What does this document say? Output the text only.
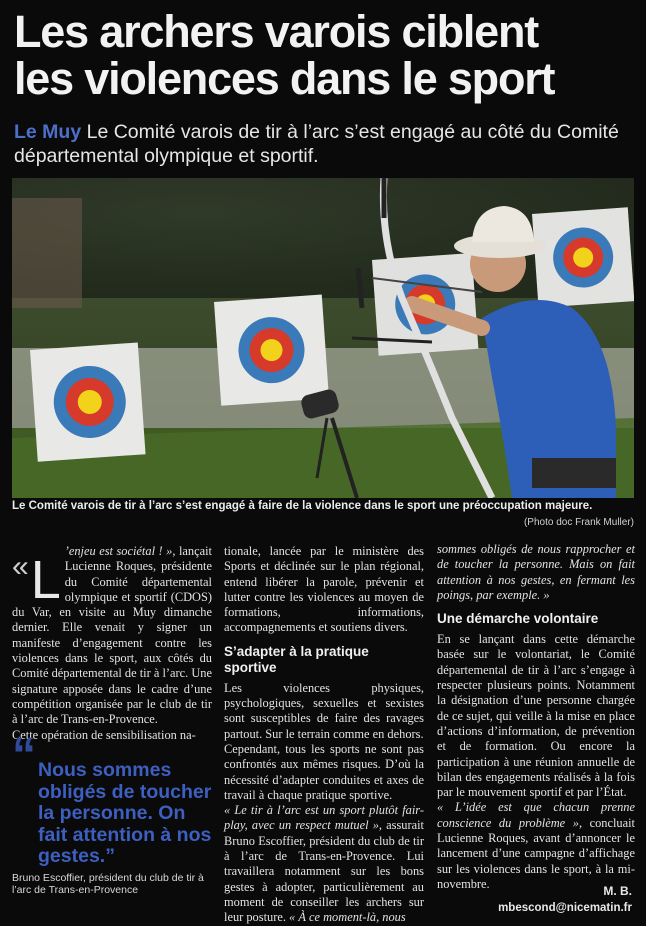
Les archers varois ciblent
les violences dans le sport
Le Muy Le Comité varois de tir à l’arc s’est engagé au côté du Comité départemental olympique et sportif.
Le Comité varois de tir à l’arc s’est engagé à faire de la violence dans le sport une préoccupation majeure.
(Photo doc Frank Muller)

«L ’enjeu est sociétal ! », lançait Lucienne Roques, présidente du Comité départemental olympique et sportif (CDOS) du Var, en visite au Muy dimanche dernier. Elle venait y signer un manifeste d’engagement contre les violences dans le sport, aux côtés du Comité départemental de tir à l’arc. Une signature apposée dans le cadre d’une compétition organisée par le club de tir à l’arc de Trans-en-Provence.

Cette opération de sensibilisation na-

“ Nous sommes obligés de toucher la personne. On fait attention à nos gestes.”
Bruno Escoffier, président du club de tir à l’arc de Trans-en-Provence

tionale, lancée par le ministère des Sports et déclinée sur le plan régional, entend libérer la parole, prévenir et lutter contre les violences au moyen de formations, informations, accompagnements et soutiens divers.

S’adapter à la pratique sportive

Les violences physiques, psychologiques, sexuelles et sexistes sont susceptibles de faire des ravages partout. Sur le terrain comme en dehors.

Cependant, tous les sports ne sont pas confrontés aux mêmes risques. D’où la nécessité d’adapter conduites et axes de travail à chaque pratique sportive.

« Le tir à l’arc est un sport plutôt fair-play, avec un respect mutuel », assurait Bruno Escoffier, président du club de tir à l’arc de Trans-en-Provence. Lui travaillera notamment sur les bons gestes à adopter, particulièrement au moment de conseiller les archers sur leur posture. « À ce moment-là, nous

sommes obligés de nous rapprocher et de toucher la personne. Mais on fait attention à nos gestes, en fermant les poings, par exemple. »

Une démarche volontaire

En se lançant dans cette démarche basée sur le volontariat, le Comité départemental de tir à l’arc s’engage à respecter plusieurs points. Notamment la désignation d’une personne chargée de ce sujet, qui veille à la mise en place d’actions d’information, de prévention et de formation. Ou encore la participation à une réunion annuelle de bilan des engagements réalisés à la fois par le mouvement sportif et par l’État.

« L’idée est que chacun prenne conscience du problème », concluait Lucienne Roques, avant d’annoncer le lancement d’une campagne d’affichage sur les violences dans le sport, à la mi-novembre.

M. B.
mbescond@nicematin.fr
